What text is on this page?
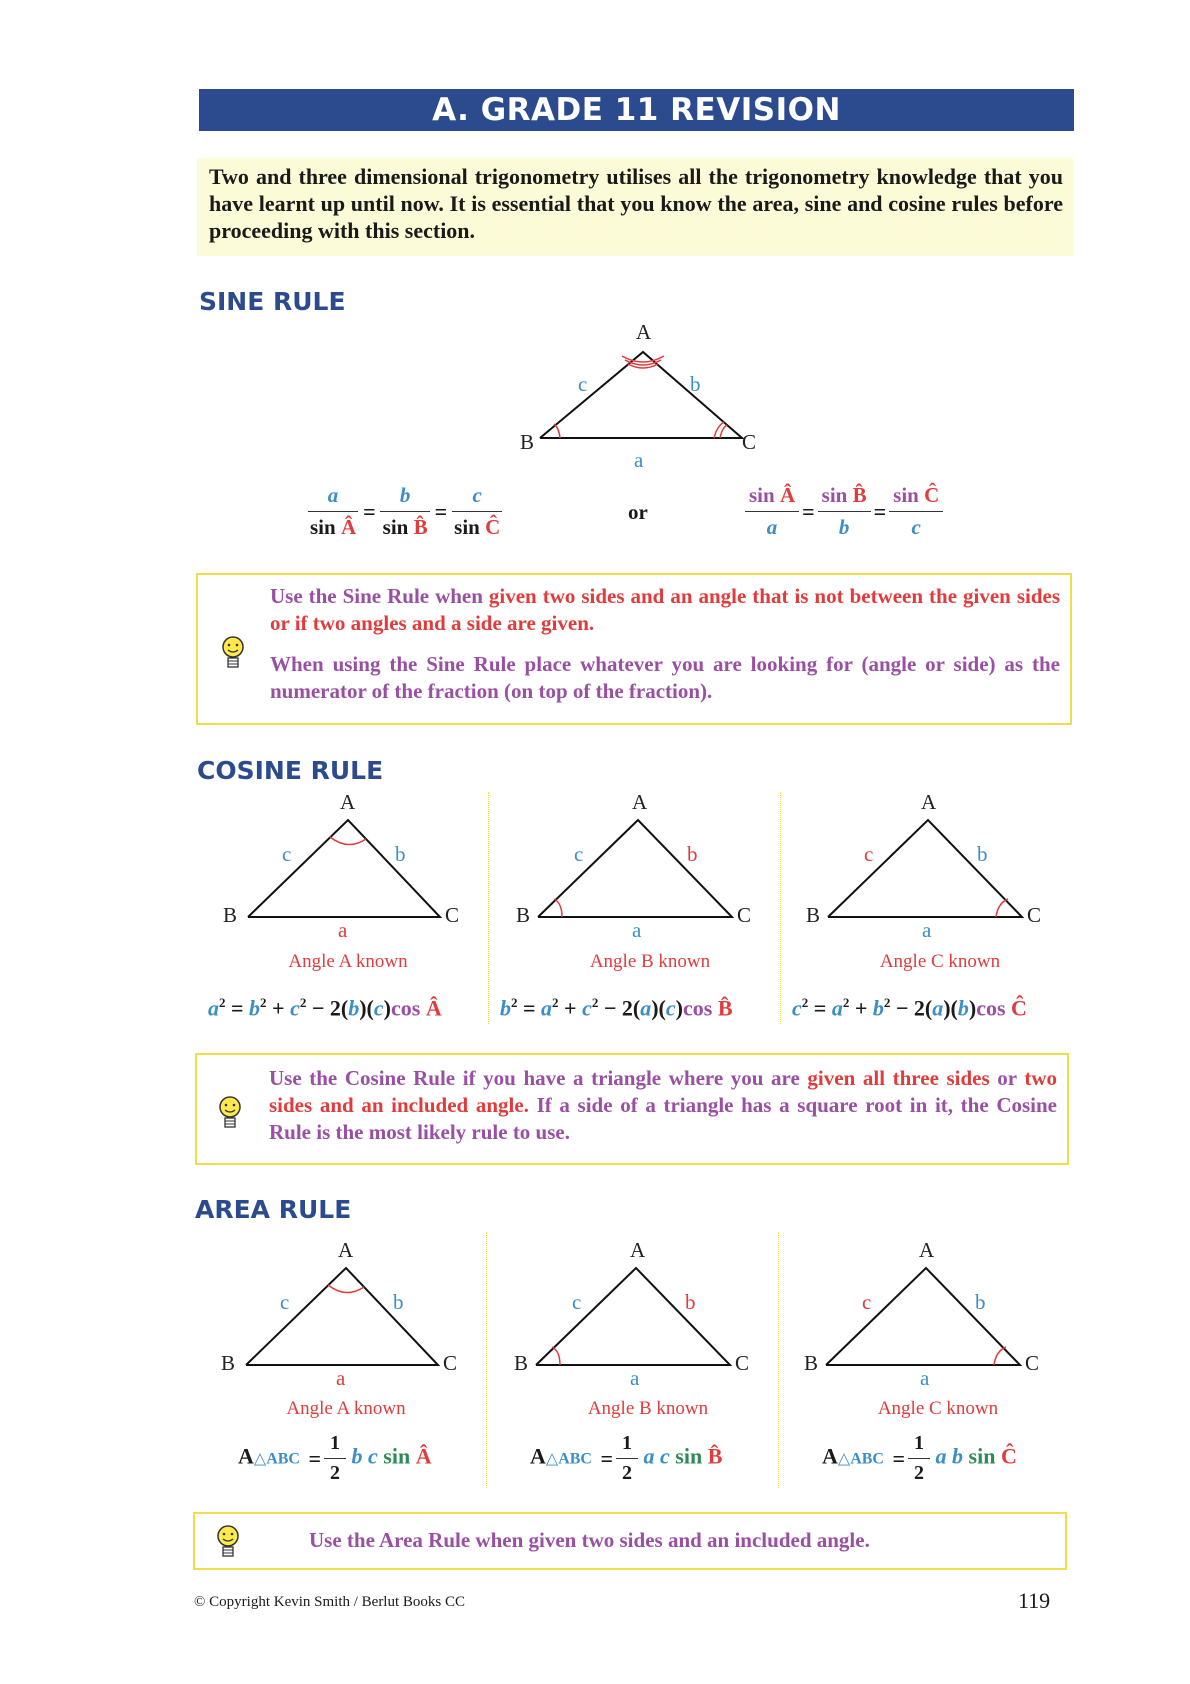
A. GRADE 11 REVISION
Two and three dimensional trigonometry utilises all the trigonometry knowledge that you have learnt up until now. It is essential that you know the area, sine and cosine rules before proceeding with this section.
SINE RULE
A
B	C
c	b
a
$\frac{a}{\text{sin Â}} = \frac{b}{\text{sin B̂}} = \frac{c}{\text{sin Ĉ}}$	or	$\frac{\text{sin Â}}{a} = \frac{\text{sin B̂}}{b} = \frac{\text{sin Ĉ}}{c}$
Use the Sine Rule when given two sides and an angle that is not between the given sides or if two angles and a side are given.
When using the Sine Rule place whatever you are looking for (angle or side) as the numerator of the fraction (on top of the fraction).
COSINE RULE
A
B	C
c	b
a
Angle A known
A
B	C
c	b
a
Angle B known
A
B	C
c	b
a
Angle C known
$a^2 = b^2 + c^2 - 2(b)(c)\cos$ Â	$b^2 = a^2 + c^2 - 2(a)(c)\cos$ B̂	$c^2 = a^2 + b^2 - 2(a)(b)\cos$ Ĉ
Use the Cosine Rule if you have a triangle where you are given all three sides or two sides and an included angle. If a side of a triangle has a square root in it, the Cosine Rule is the most likely rule to use.
AREA RULE
A
B	C
c	b
a
Angle A known
A
B	C
c	b
a
Angle B known
A
B	C
c	b
a
Angle C known
A△ABC = $\frac{1}{2}$ b c sin Â	A△ABC = $\frac{1}{2}$ a c sin B̂	A△ABC = $\frac{1}{2}$ a b sin Ĉ
Use the Area Rule when given two sides and an included angle.
© Copyright Kevin Smith / Berlut Books CC	119
